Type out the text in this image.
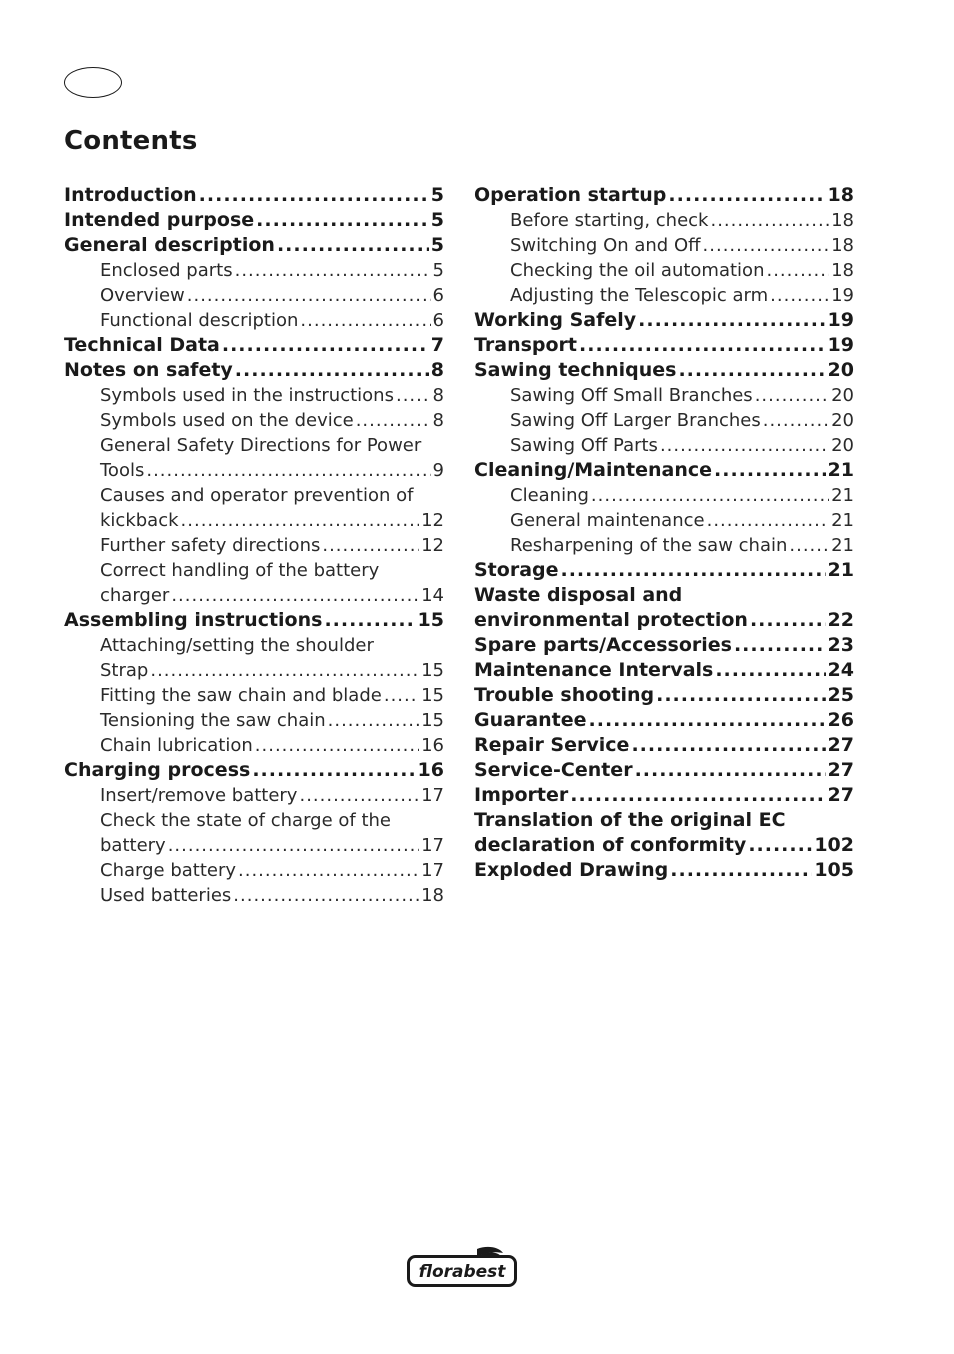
Contents
Introduction .....	5
Intended purpose .....	5
General description .....	5
Enclosed parts .....	5
Overview .....	6
Functional description .....	6
Technical Data .....	7
Notes on safety .....	8
Symbols used in the instructions ..... 8
Symbols used on the device .....	8
General Safety Directions for Power
Tools .....	9
Causes and operator prevention of
kickback .....	12
Further safety directions .....	12
Correct handling of the battery
charger .....	14
Assembling instructions .....	15
Attaching/setting the shoulder
Strap .....	15
Fitting the saw chain and blade ..... 15
Tensioning the saw chain .....	15
Chain lubrication .....	16
Charging process .....	16
Insert/remove battery .....	17
Check the state of charge of the
battery .....	17
Charge battery .....	17
Used batteries .....	18
Operation startup .....	18
Before starting, check .....	18
Switching On and Off .....	18
Checking the oil automation .....	18
Adjusting the Telescopic arm .....	19
Working Safely .....	19
Transport .....	19
Sawing techniques .....	20
Sawing Off Small Branches .....	20
Sawing Off Larger Branches .....	20
Sawing Off Parts .....	20
Cleaning/Maintenance .....	21
Cleaning .....	21
General maintenance .....	21
Resharpening of the saw chain ..... 21
Storage .....	21
Waste disposal and
environmental protection .....	22
Spare parts/Accessories .....	23
Maintenance Intervals .....	24
Trouble shooting .....	25
Guarantee .....	26
Repair Service .....	27
Service-Center .....	27
Importer .....	27
Translation of the original EC
declaration of conformity .....	102
Exploded Drawing .....	105
florabest
